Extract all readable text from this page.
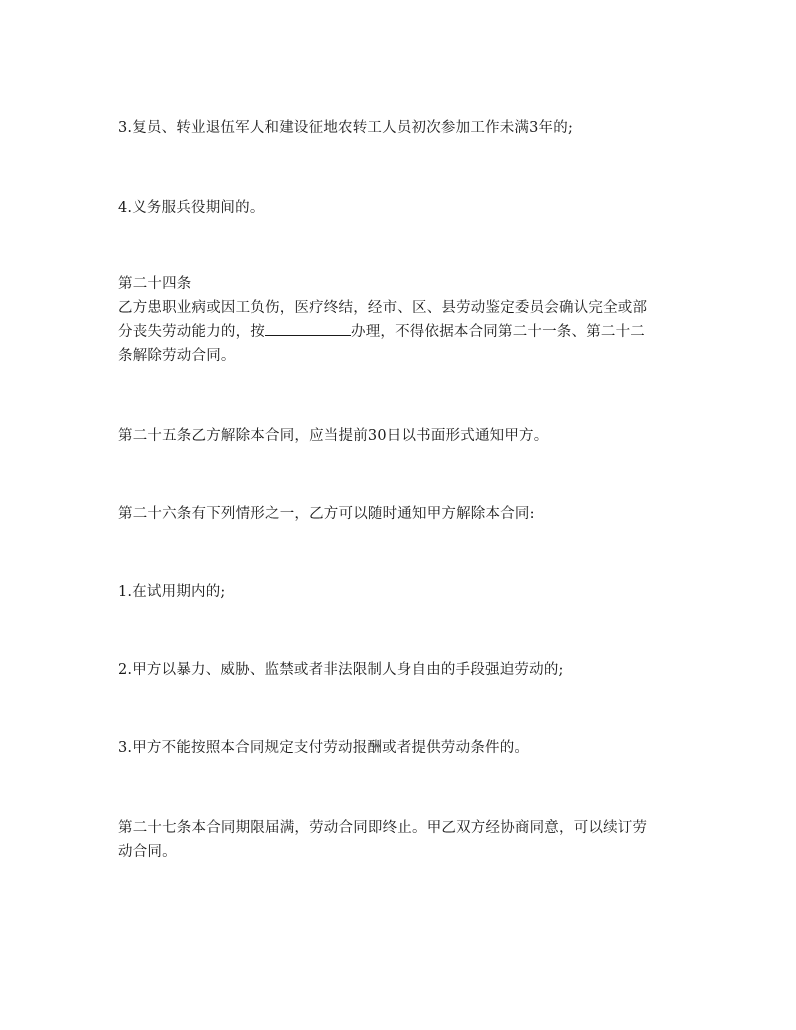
3.复员、转业退伍军人和建设征地农转工人员初次参加工作未满3年的;
4.义务服兵役期间的。
第二十四条
乙方患职业病或因工负伤，医疗终结，经市、区、县劳动鉴定委员会确认完全或部
分丧失劳动能力的，按	办理，不得依据本合同第二十一条、第二十二
条解除劳动合同。
第二十五条乙方解除本合同，应当提前30日以书面形式通知甲方。
第二十六条有下列情形之一，乙方可以随时通知甲方解除本合同:
1.在试用期内的;
2.甲方以暴力、威胁、监禁或者非法限制人身自由的手段强迫劳动的;
3.甲方不能按照本合同规定支付劳动报酬或者提供劳动条件的。
第二十七条本合同期限届满，劳动合同即终止。甲乙双方经协商同意，可以续订劳
动合同。
